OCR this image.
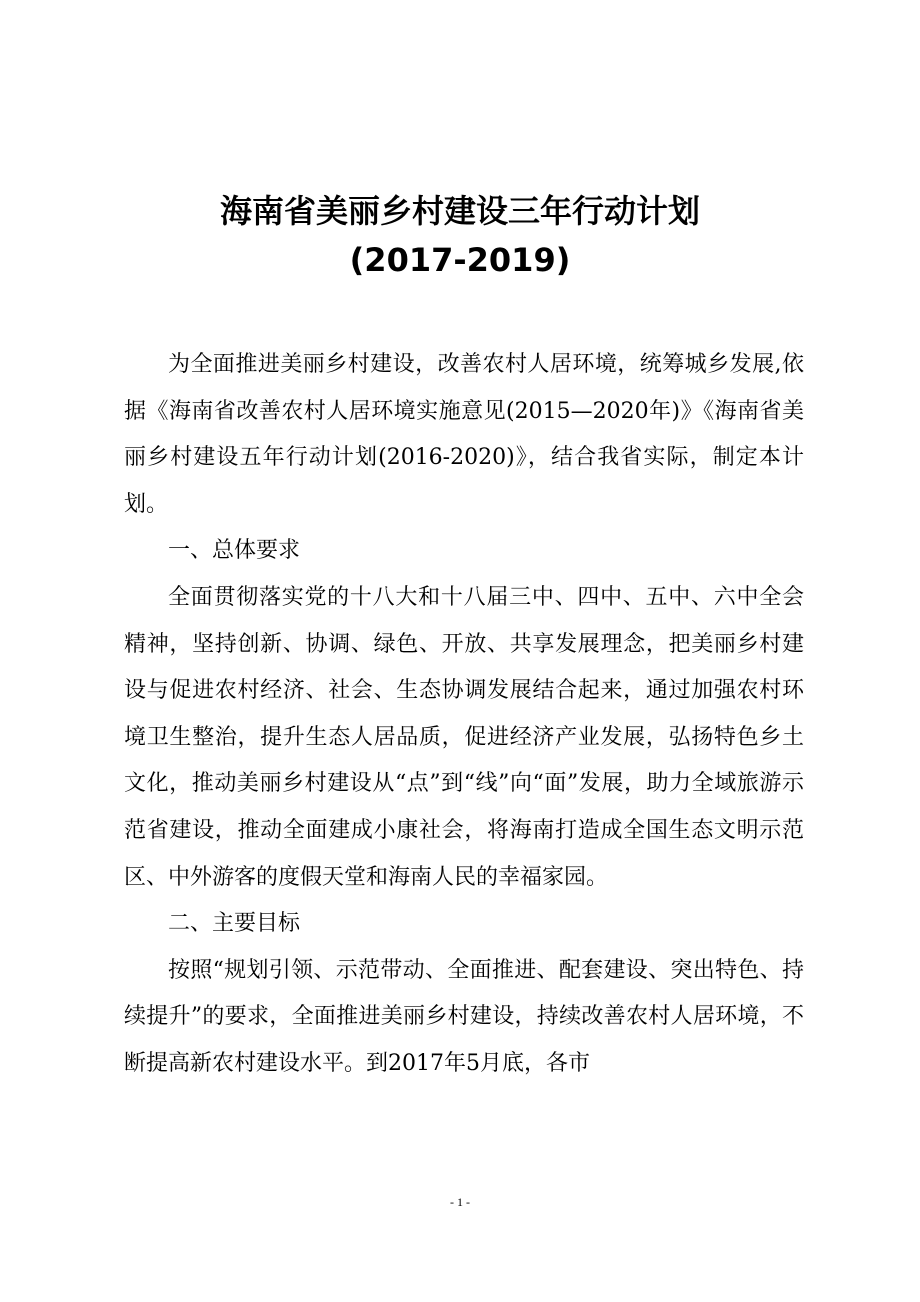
海南省美丽乡村建设三年行动计划
(2017-2019)

为全面推进美丽乡村建设，改善农村人居环境，统筹城乡发展,依据《海南省改善农村人居环境实施意见(2015—2020年)》《海南省美丽乡村建设五年行动计划(2016-2020)》，结合我省实际，制定本计划。

一、总体要求

全面贯彻落实党的十八大和十八届三中、四中、五中、六中全会精神，坚持创新、协调、绿色、开放、共享发展理念，把美丽乡村建设与促进农村经济、社会、生态协调发展结合起来，通过加强农村环境卫生整治，提升生态人居品质，促进经济产业发展，弘扬特色乡土文化，推动美丽乡村建设从“点”到“线”向“面”发展，助力全域旅游示范省建设，推动全面建成小康社会，将海南打造成全国生态文明示范区、中外游客的度假天堂和海南人民的幸福家园。

二、主要目标

按照“规划引领、示范带动、全面推进、配套建设、突出特色、持续提升”的要求，全面推进美丽乡村建设，持续改善农村人居环境，不断提高新农村建设水平。到2017年5月底，各市

- 1 -
